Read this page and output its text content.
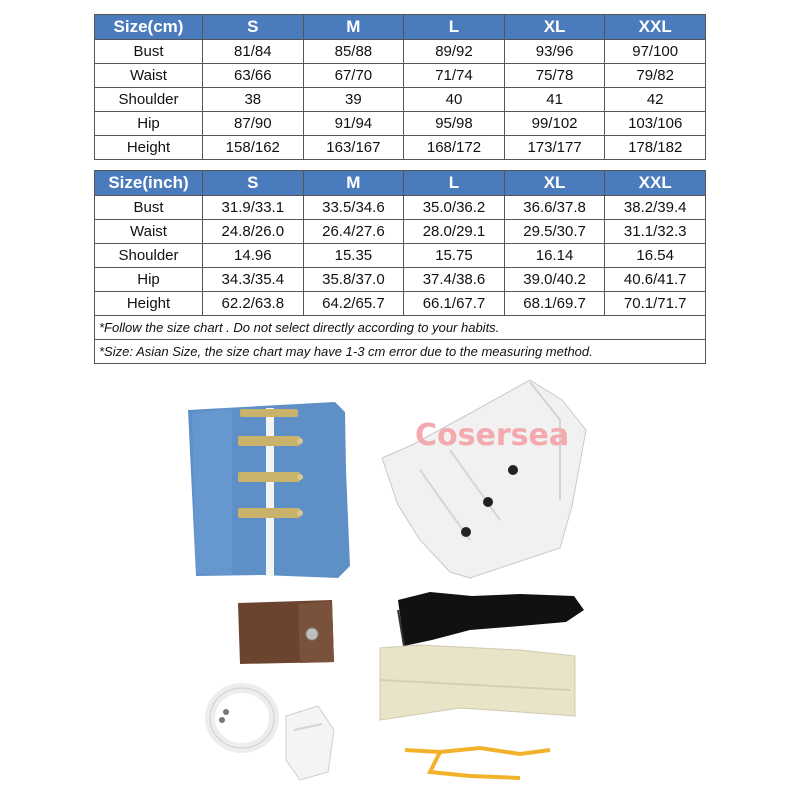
Size(cm)	S	M	L	XL	XXL
Bust	81/84	85/88	89/92	93/96	97/100
Waist	63/66	67/70	71/74	75/78	79/82
Shoulder	38	39	40	41	42
Hip	87/90	91/94	95/98	99/102	103/106
Height	158/162	163/167	168/172	173/177	178/182
Size(inch)	S	M	L	XL	XXL
Bust	31.9/33.1	33.5/34.6	35.0/36.2	36.6/37.8	38.2/39.4
Waist	24.8/26.0	26.4/27.6	28.0/29.1	29.5/30.7	31.1/32.3
Shoulder	14.96	15.35	15.75	16.14	16.54
Hip	34.3/35.4	35.8/37.0	37.4/38.6	39.0/40.2	40.6/41.7
Height	62.2/63.8	64.2/65.7	66.1/67.7	68.1/69.7	70.1/71.7
*Follow the size chart . Do not select directly according to your habits.					
*Size: Asian Size, the size chart may have 1-3 cm error due to the measuring method.					
Cosersea
